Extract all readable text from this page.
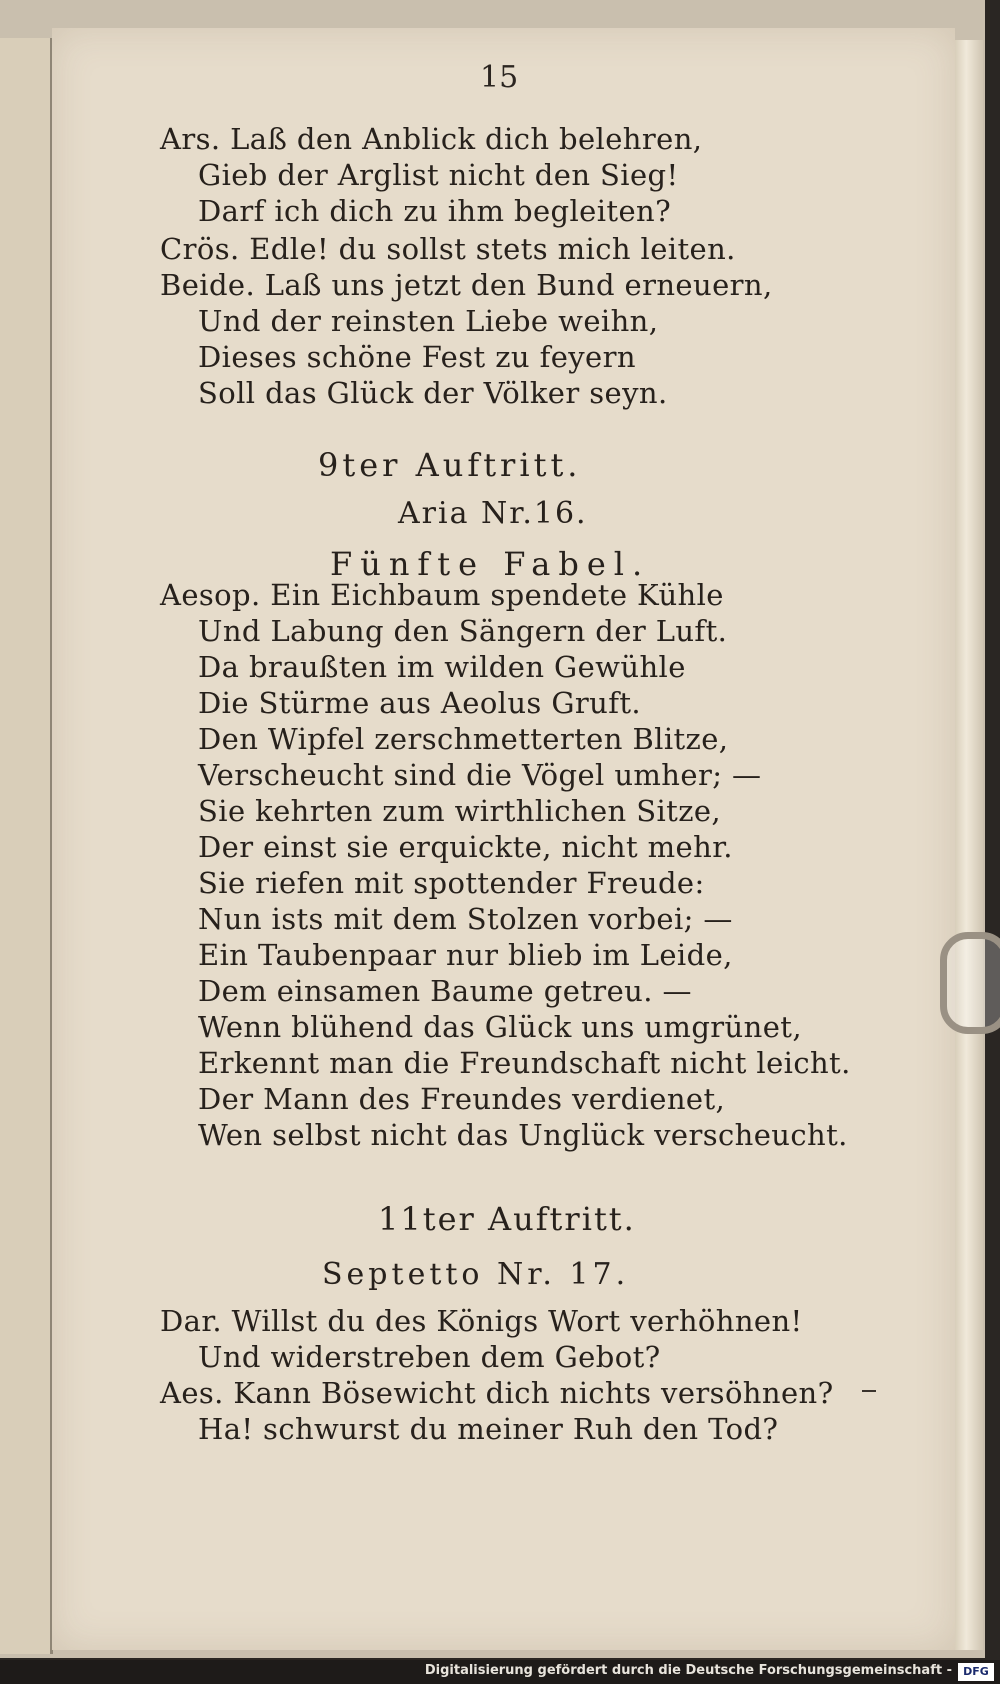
15
Ars. Laß den Anblick dich belehren,
Gieb der Arglist nicht den Sieg!
Darf ich dich zu ihm begleiten?
Crös. Edle! du sollst stets mich leiten.
Beide. Laß uns jetzt den Bund erneuern,
Und der reinsten Liebe weihn,
Dieses schöne Fest zu feyern
Soll das Glück der Völker seyn.
9ter Auftritt.
Aria Nr.16.
Fünfte Fabel.
Aesop. Ein Eichbaum spendete Kühle
Und Labung den Sängern der Luft.
Da braußten im wilden Gewühle
Die Stürme aus Aeolus Gruft.
Den Wipfel zerschmetterten Blitze,
Verscheucht sind die Vögel umher; —
Sie kehrten zum wirthlichen Sitze,
Der einst sie erquickte, nicht mehr.
Sie riefen mit spottender Freude:
Nun ists mit dem Stolzen vorbei; —
Ein Taubenpaar nur blieb im Leide,
Dem einsamen Baume getreu. —
Wenn blühend das Glück uns umgrünet,
Erkennt man die Freundschaft nicht leicht.
Der Mann des Freundes verdienet,
Wen selbst nicht das Unglück verscheucht.
11ter Auftritt.
Septetto Nr. 17.
Dar. Willst du des Königs Wort verhöhnen!
Und widerstreben dem Gebot?
Aes. Kann Bösewicht dich nichts versöhnen?
Ha! schwurst du meiner Ruh den Tod?
Digitalisierung gefördert durch die Deutsche Forschungsgemeinschaft -	DFG
